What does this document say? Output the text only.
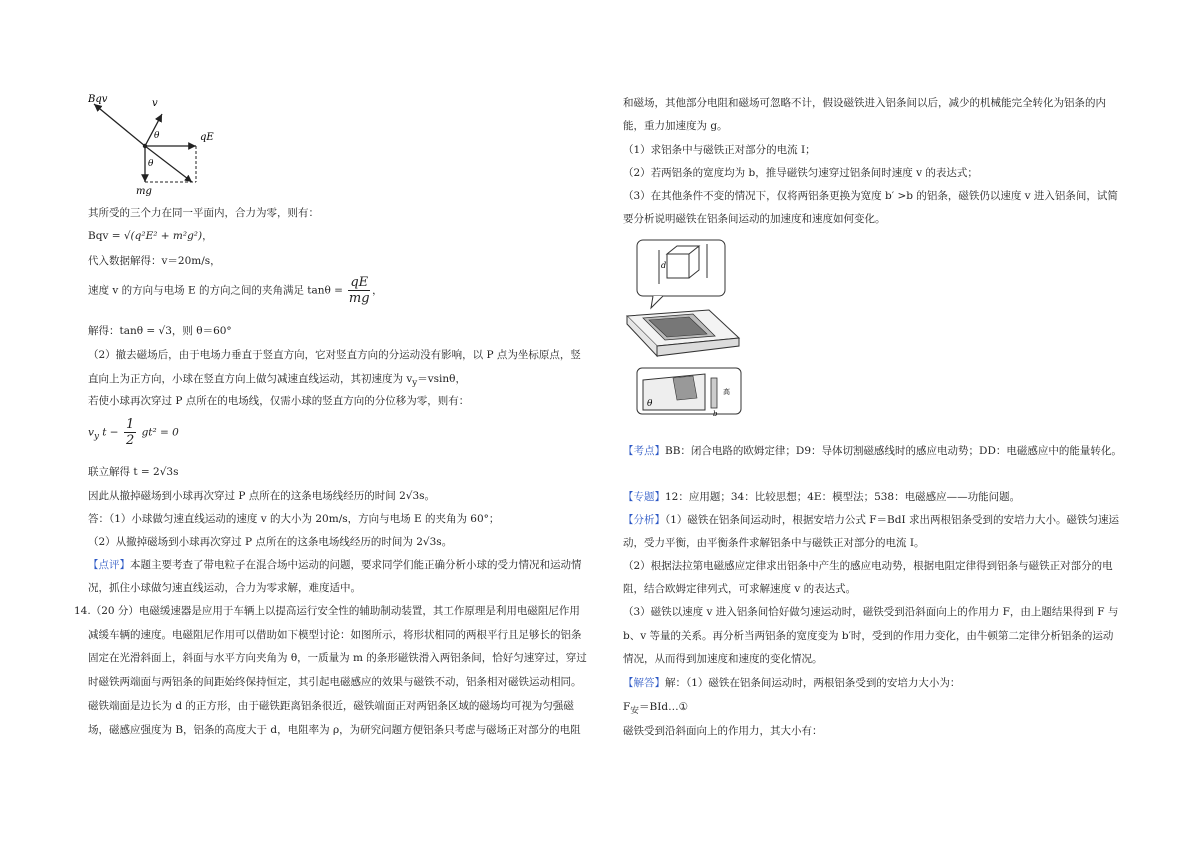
Bqv	v
θ	qE
θ
mg
其所受的三个力在同一平面内，合力为零，则有：
Bqv = √(q²E² + m²g²)，
代入数据解得：v＝20m/s，
速度 v 的方向与电场 E 的方向之间的夹角满足 $\tan\theta = \frac{qE}{mg}$ ，
解得：tanθ = √3，则 θ＝60°
（2）撤去磁场后，由于电场力垂直于竖直方向，它对竖直方向的分运动没有影响，以 P 点为坐标原点，竖
直向上为正方向，小球在竖直方向上做匀减速直线运动，其初速度为 $v_y=vsin\theta$，
若使小球再次穿过 P 点所在的电场线，仅需小球的竖直方向的分位移为零，则有：
$v_y$ $t - \frac{1}{2} gt^2 = 0$
联立解得 t = 2√3s
因此从撤掉磁场到小球再次穿过 P 点所在的这条电场线经历的时间 2√3s。
答：（1）小球做匀速直线运动的速度 v 的大小为 20m/s，方向与电场 E 的夹角为 60°；
（2）从撤掉磁场到小球再次穿过 P 点所在的这条电场线经历的时间为 2√3s。
【点评】本题主要考查了带电粒子在混合场中运动的问题，要求同学们能正确分析小球的受力情况和运动情
况，抓住小球做匀速直线运动，合力为零求解，难度适中。
14.（20 分）电磁缓速器是应用于车辆上以提高运行安全性的辅助制动装置，其工作原理是利用电磁阻尼作用
减缓车辆的速度。电磁阻尼作用可以借助如下模型讨论：如图所示，将形状相同的两根平行且足够长的铝条
固定在光滑斜面上，斜面与水平方向夹角为 θ，一质量为 m 的条形磁铁滑入两铝条间，恰好匀速穿过，穿过
时磁铁两端面与两铝条的间距始终保持恒定，其引起电磁感应的效果与磁铁不动，铝条相对磁铁运动相同。
磁铁端面是边长为 d 的正方形，由于磁铁距离铝条很近，磁铁端面正对两铝条区域的磁场均可视为匀强磁
场，磁感应强度为 B，铝条的高度大于 d，电阻率为 ρ，为研究问题方便铝条只考虑与磁场正对部分的电阻
和磁场，其他部分电阻和磁场可忽略不计，假设磁铁进入铝条间以后，减少的机械能完全转化为铝条的内
能，重力加速度为 g。
（1）求铝条中与磁铁正对部分的电流 I；
（2）若两铝条的宽度均为 b，推导磁铁匀速穿过铝条间时速度 v 的表达式；
（3）在其他条件不变的情况下，仅将两铝条更换为宽度 b′ >b 的铝条，磁铁仍以速度 v 进入铝条间，试简
要分析说明磁铁在铝条间运动的加速度和速度如何变化。
d
θ
高
b
【考点】BB：闭合电路的欧姆定律；D9：导体切割磁感线时的感应电动势；DD：电磁感应中的能量转化。
【专题】12：应用题；34：比较思想；4E：模型法；538：电磁感应——功能问题。
【分析】（1）磁铁在铝条间运动时，根据安培力公式 F＝BdI 求出两根铝条受到的安培力大小。磁铁匀速运
动，受力平衡，由平衡条件求解铝条中与磁铁正对部分的电流 I。
（2）根据法拉第电磁感应定律求出铝条中产生的感应电动势，根据电阻定律得到铝条与磁铁正对部分的电
阻，结合欧姆定律列式，可求解速度 v 的表达式。
（3）磁铁以速度 v 进入铝条间恰好做匀速运动时，磁铁受到沿斜面向上的作用力 F，由上题结果得到 F 与
b、v 等量的关系。再分析当两铝条的宽度变为 b′时，受到的作用力变化，由牛顿第二定律分析铝条的运动
情况，从而得到加速度和速度的变化情况。
【解答】解：（1）磁铁在铝条间运动时，两根铝条受到的安培力大小为：
$F_安=BId\dots ①$
磁铁受到沿斜面向上的作用力，其大小有：
